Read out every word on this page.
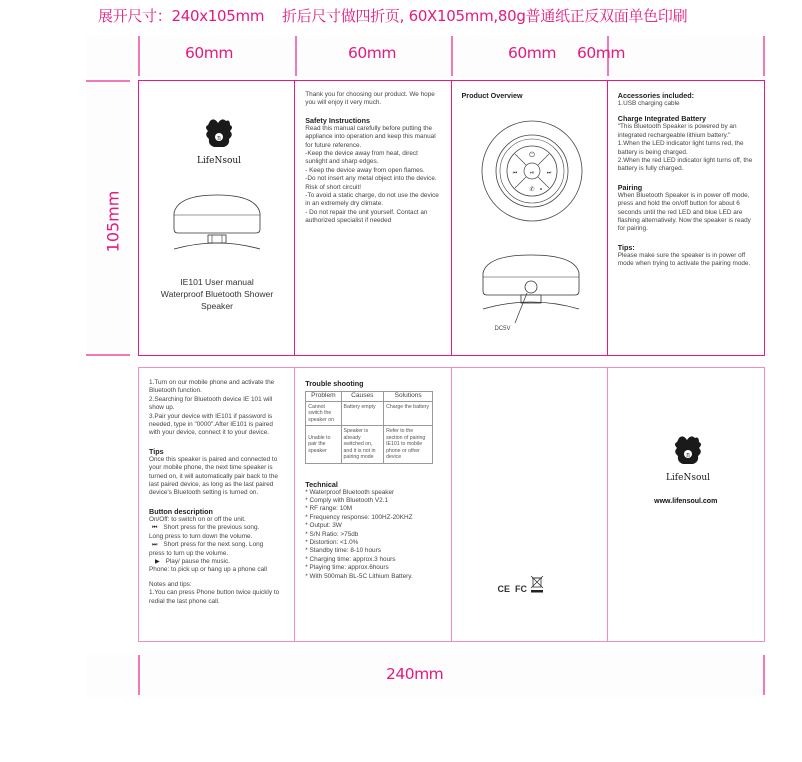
展开尺寸：240x105mm    折后尺寸做四折页, 60X105mm,80g普通纸正反双面单色印刷
60mm	60mm	60mm 60mm
105mm
n
LifeNsoul
IE101 User manual
Waterproof Bluetooth Shower
Speaker

Thank you for choosing our product. We hope you will enjoy it very much.

Safety Instructions

Read this manual carefully before putting the appliance into operation and keep this manual for future reference.

-Keep the device away from heat, direct sunlight and sharp edges.

- Keep the device away from open flames.

-Do not insert any metal object into the device. Risk of short circuit!

-To avoid a static charge, do not use the device in an extremely dry climate.

- Do not repair the unit yourself. Contact an authorized specialist if needed

Product Overview
⏻
⏮	⏯	⏭
✆
DC5V
Accessories included:

1.USB charging cable

Charge Integrated Battery

"This Bluetooth Speaker is powered by an integrated rechargeable lithium battery."

1.When the LED indicator light turns red, the battery is being charged.

2.When the red LED indicator light turns off, the battery is fully charged.

Pairing

When Bluetooth Speaker is in power off mode, press and hold the on/off button for about 6 seconds until the red LED and blue LED are flashing alternatively. Now the speaker is ready for pairing.

Tips:

Please make sure the speaker is in power off mode when trying to activate the pairing mode.

1.Turn on our mobile phone and activate the Bluetooth function.

2.Searching for Bluetooth device IE 101 will show up.

3.Pair your device with IE101 if password is needed, type in "0000".After IE101 is paired with your device, connect it to your device.

Tips

Once this speaker is paired and connected to your mobile phone, the next time speaker is turned on, it will automatically pair back to the last paired device, as long as the last paired device's Bluetooth setting is turned on.

Button description

On/Off: to switch on or off the unit.

⏮ Short press for the previous song.

Long press to turn down the volume.

⏭ Short press for the next song. Long

press to turn up the volume.

▶ Play/ pause the music.

Phone: to pick up or hang up a phone call

Notes and tips:

1.You can press Phone button twice quickly to redial the last phone call.

Trouble shooting
Problem	Causes	Solutions
Cannot switch the speaker on	Battery empty	Charge the battery
Unable to pair the speaker	Speaker is already switched on, and it is not in pairing mode	Refer to the section of pairing IE101 to mobile phone or other device
Technical

* Waterproof Bluetooth speaker

* Comply with Bluetooth V2.1

* RF range: 10M

* Frequency response: 100HZ-20KHZ

* Output: 3W

* S/N Ratio: >75db

* Distortion: <1.0%

* Standby time: 8-10 hours

* Charging time: approx.3 hours

* Playing time: approx.6hours

* With 500mah BL-5C Lithium Battery.

CE FC
n
LifeNsoul
www.lifensoul.com
240mm
